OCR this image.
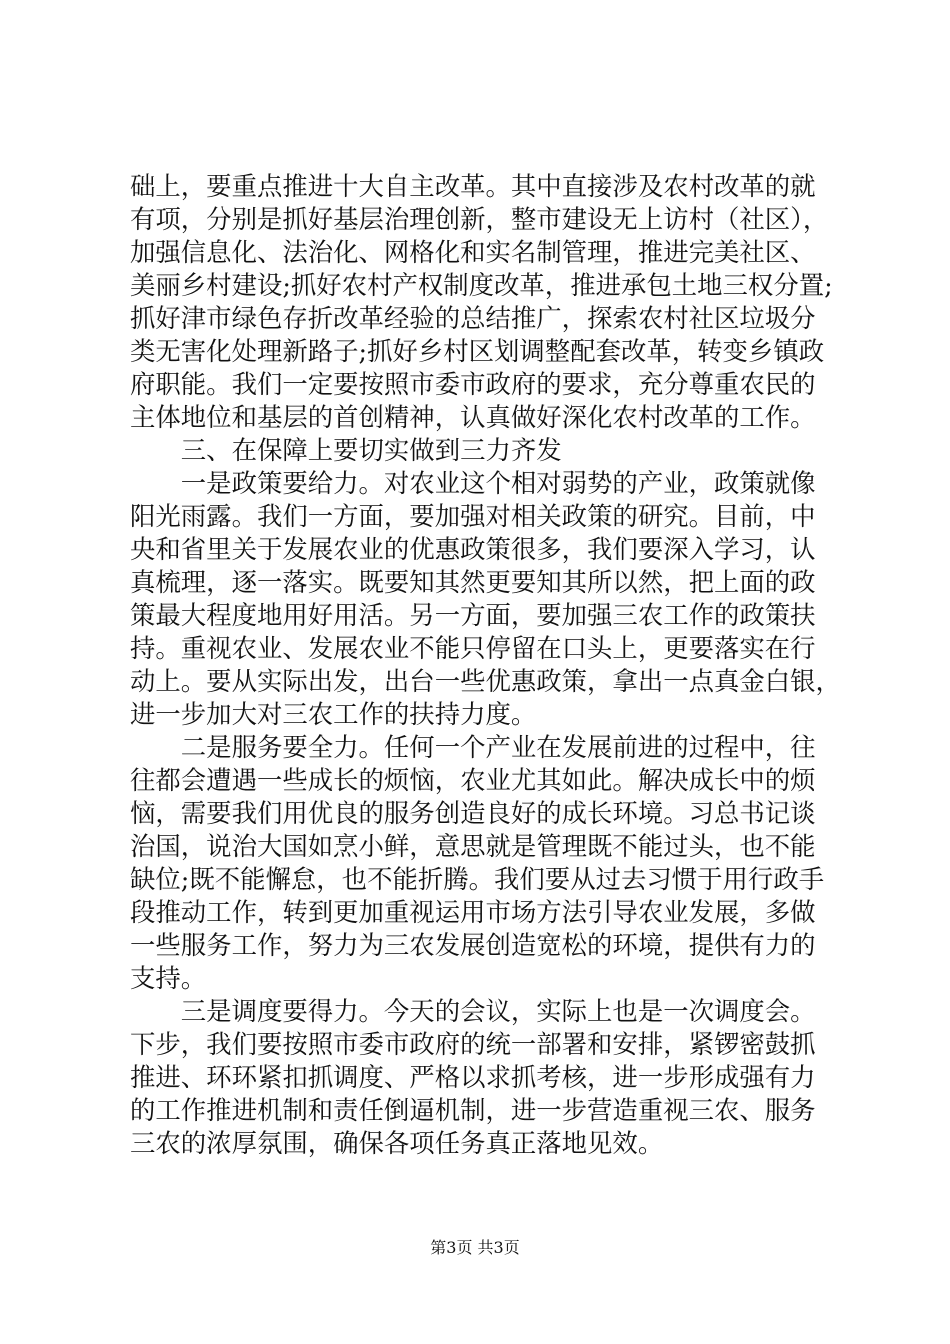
础上，要重点推进十大自主改革。其中直接涉及农村改革的就
有项，分别是抓好基层治理创新，整市建设无上访村（社区），
加强信息化、法治化、网格化和实名制管理，推进完美社区、
美丽乡村建设;抓好农村产权制度改革，推进承包土地三权分置;
抓好津市绿色存折改革经验的总结推广，探索农村社区垃圾分
类无害化处理新路子;抓好乡村区划调整配套改革，转变乡镇政
府职能。我们一定要按照市委市政府的要求，充分尊重农民的
主体地位和基层的首创精神，认真做好深化农村改革的工作。
　　三、在保障上要切实做到三力齐发
　　一是政策要给力。对农业这个相对弱势的产业，政策就像
阳光雨露。我们一方面，要加强对相关政策的研究。目前，中
央和省里关于发展农业的优惠政策很多，我们要深入学习，认
真梳理，逐一落实。既要知其然更要知其所以然，把上面的政
策最大程度地用好用活。另一方面，要加强三农工作的政策扶
持。重视农业、发展农业不能只停留在口头上，更要落实在行
动上。要从实际出发，出台一些优惠政策，拿出一点真金白银，
进一步加大对三农工作的扶持力度。
　　二是服务要全力。任何一个产业在发展前进的过程中，往
往都会遭遇一些成长的烦恼，农业尤其如此。解决成长中的烦
恼，需要我们用优良的服务创造良好的成长环境。习总书记谈
治国，说治大国如烹小鲜，意思就是管理既不能过头，也不能
缺位;既不能懈怠，也不能折腾。我们要从过去习惯于用行政手
段推动工作，转到更加重视运用市场方法引导农业发展，多做
一些服务工作，努力为三农发展创造宽松的环境，提供有力的
支持。
　　三是调度要得力。今天的会议，实际上也是一次调度会。
下步，我们要按照市委市政府的统一部署和安排，紧锣密鼓抓
推进、环环紧扣抓调度、严格以求抓考核，进一步形成强有力
的工作推进机制和责任倒逼机制，进一步营造重视三农、服务
三农的浓厚氛围，确保各项任务真正落地见效。
第3页 共3页
